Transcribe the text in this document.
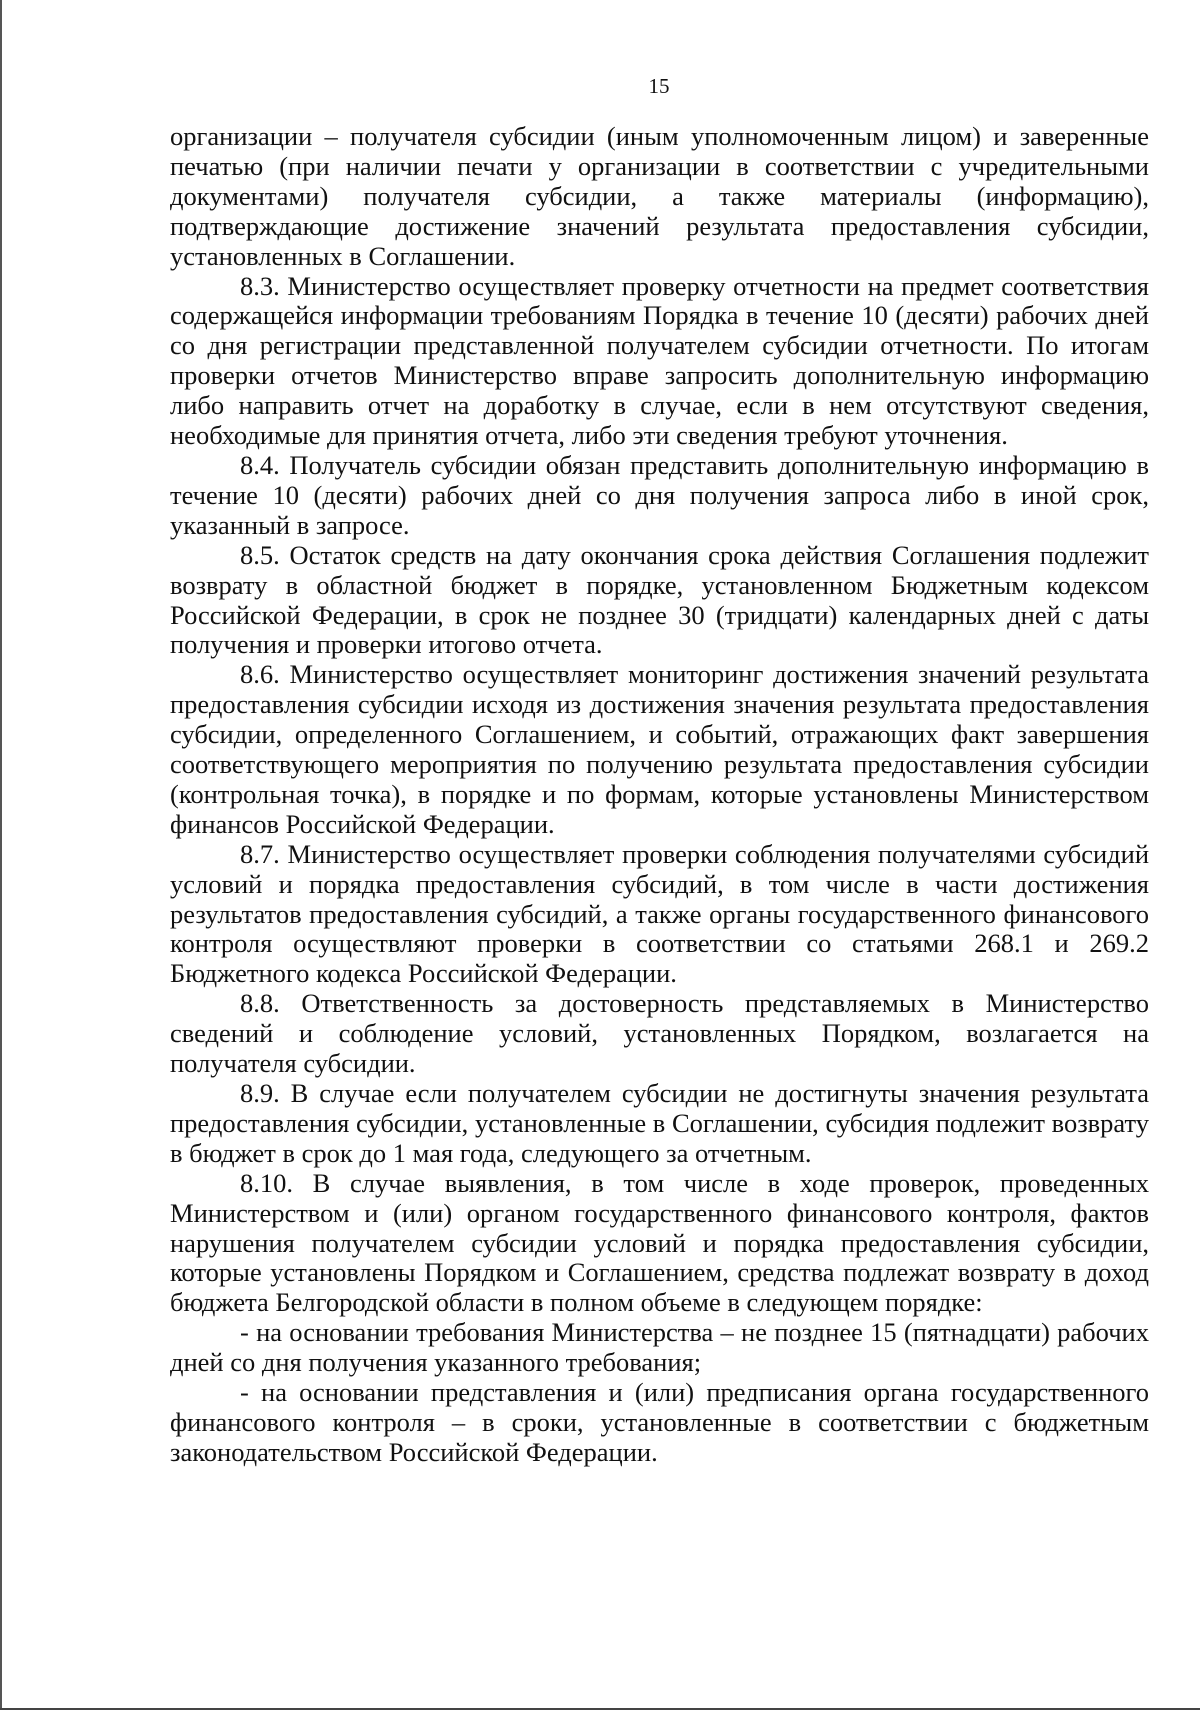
15

организации – получателя субсидии (иным уполномоченным лицом) и заверенные печатью (при наличии печати у организации в соответствии с учредительными документами) получателя субсидии, а также материалы (информацию), подтверждающие достижение значений результата предоставления субсидии, установленных в Соглашении.

8.3. Министерство осуществляет проверку отчетности на предмет соответствия содержащейся информации требованиям Порядка в течение 10 (десяти) рабочих дней со дня регистрации представленной получателем субсидии отчетности. По итогам проверки отчетов Министерство вправе запросить дополнительную информацию либо направить отчет на доработку в случае, если в нем отсутствуют сведения, необходимые для принятия отчета, либо эти сведения требуют уточнения.

8.4. Получатель субсидии обязан представить дополнительную информацию в течение 10 (десяти) рабочих дней со дня получения запроса либо в иной срок, указанный в запросе.

8.5. Остаток средств на дату окончания срока действия Соглашения подлежит возврату в областной бюджет в порядке, установленном Бюджетным кодексом Российской Федерации, в срок не позднее 30 (тридцати) календарных дней с даты получения и проверки итогово отчета.

8.6. Министерство осуществляет мониторинг достижения значений результата предоставления субсидии исходя из достижения значения результата предоставления субсидии, определенного Соглашением, и событий, отражающих факт завершения соответствующего мероприятия по получению результата предоставления субсидии (контрольная точка), в порядке и по формам, которые установлены Министерством финансов Российской Федерации.

8.7. Министерство осуществляет проверки соблюдения получателями субсидий условий и порядка предоставления субсидий, в том числе в части достижения результатов предоставления субсидий, а также органы государственного финансового контроля осуществляют проверки в соответствии со статьями 268.1 и 269.2 Бюджетного кодекса Российской Федерации.

8.8. Ответственность за достоверность представляемых в Министерство сведений и соблюдение условий, установленных Порядком, возлагается на получателя субсидии.

8.9. В случае если получателем субсидии не достигнуты значения результата предоставления субсидии, установленные в Соглашении, субсидия подлежит возврату в бюджет в срок до 1 мая года, следующего за отчетным.

8.10. В случае выявления, в том числе в ходе проверок, проведенных Министерством и (или) органом государственного финансового контроля, фактов нарушения получателем субсидии условий и порядка предоставления субсидии, которые установлены Порядком и Соглашением, средства подлежат возврату в доход бюджета Белгородской области в полном объеме в следующем порядке:

- на основании требования Министерства – не позднее 15 (пятнадцати) рабочих дней со дня получения указанного требования;

- на основании представления и (или) предписания органа государственного финансового контроля – в сроки, установленные в соответствии с бюджетным законодательством Российской Федерации.
